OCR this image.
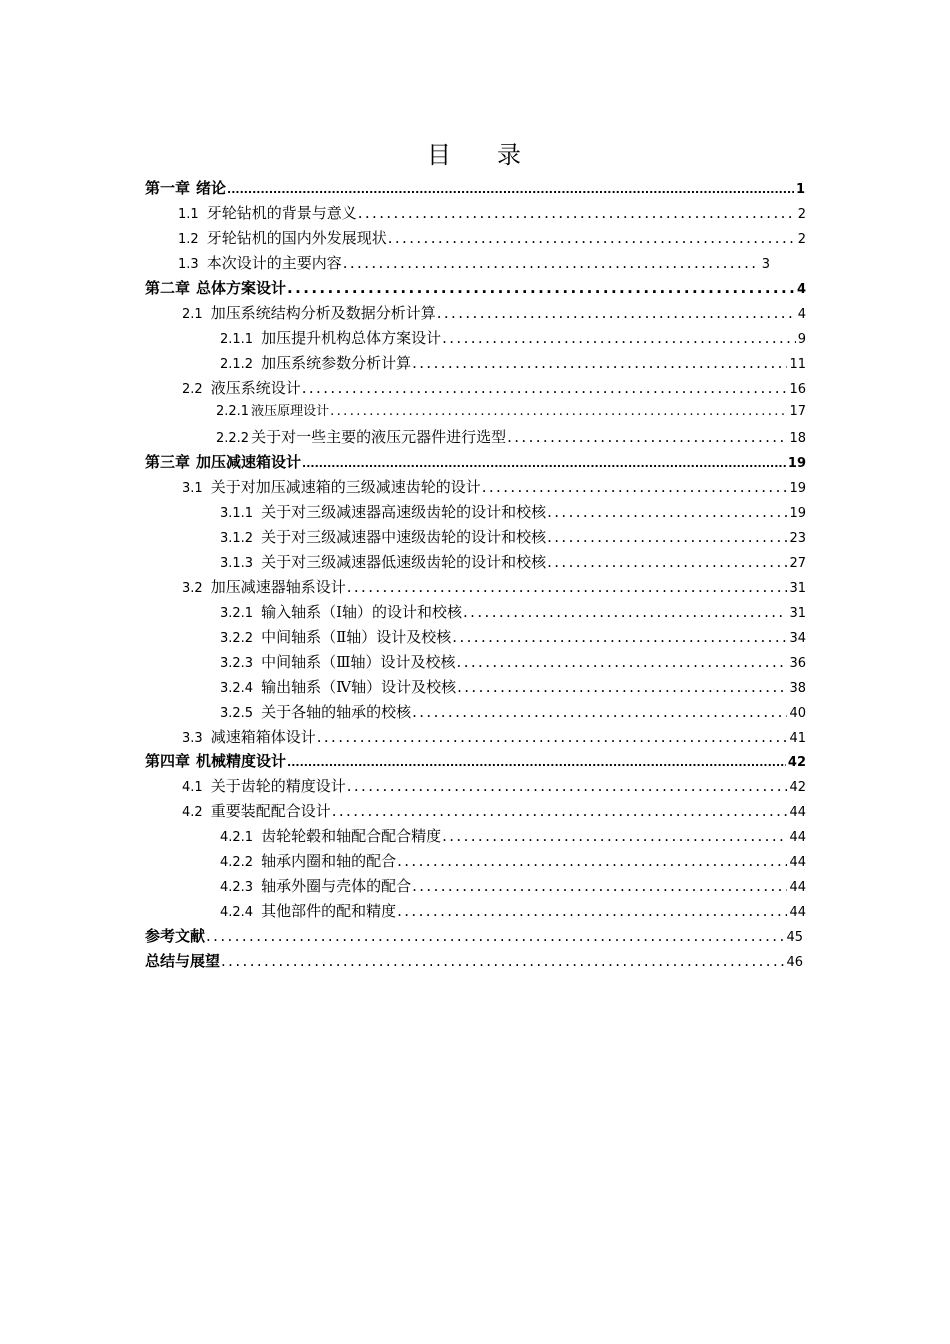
目 录
第一章 绪论 .....	1
1.1 牙轮钻机的背景与意义 .....	2
1.2 牙轮钻机的国内外发展现状 .....	2
1.3 本次设计的主要内容 .....	3
第二章 总体方案设计 .....	4
2.1 加压系统结构分析及数据分析计算 .....	4
2.1.1 加压提升机构总体方案设计 .....	9
2.1.2 加压系统参数分析计算 .....	11
2.2 液压系统设计 .....	16
2.2.1 液压原理设计 .....	17
2.2.2 关于对一些主要的液压元器件进行选型 .....	18
第三章 加压减速箱设计 .....	19
3.1 关于对加压减速箱的三级减速齿轮的设计 .....	19
3.1.1 关于对三级减速器高速级齿轮的设计和校核 .....	19
3.1.2 关于对三级减速器中速级齿轮的设计和校核 .....	23
3.1.3 关于对三级减速器低速级齿轮的设计和校核 .....	27
3.2 加压减速器轴系设计 .....	31
3.2.1 输入轴系（Ⅰ轴）的设计和校核 .....	31
3.2.2 中间轴系（Ⅱ轴）设计及校核 .....	34
3.2.3 中间轴系（Ⅲ轴）设计及校核 .....	36
3.2.4 输出轴系（Ⅳ轴）设计及校核 .....	38
3.2.5 关于各轴的轴承的校核 .....	40
3.3 减速箱箱体设计 .....	41
第四章 机械精度设计 .....	42
4.1 关于齿轮的精度设计 .....	42
4.2 重要装配配合设计 .....	44
4.2.1 齿轮轮毂和轴配合配合精度 .....	44
4.2.2 轴承内圈和轴的配合 .....	44
4.2.3 轴承外圈与壳体的配合 .....	44
4.2.4 其他部件的配和精度 .....	44
参考文献 .....	45
总结与展望 .....	46
